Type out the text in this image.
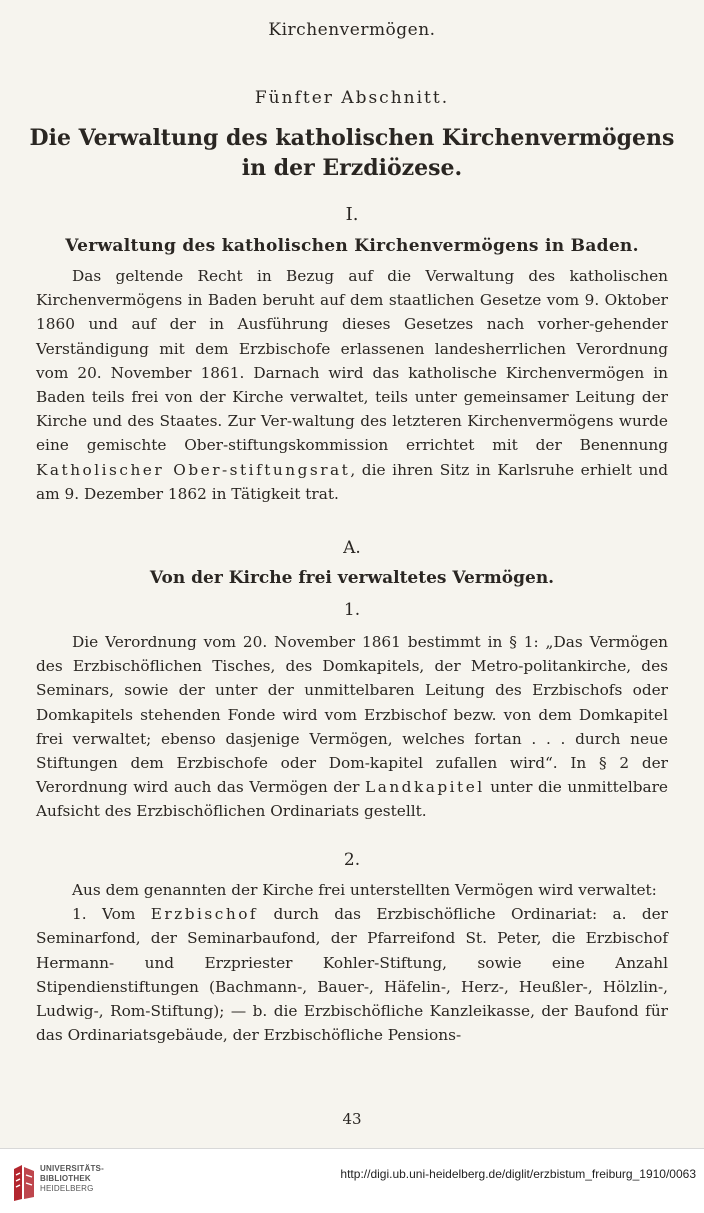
Kirchenvermögen.
Fünfter Abschnitt.
Die Verwaltung des katholischen Kirchenvermögens
in der Erzdiözese.
I.
Verwaltung des katholischen Kirchenvermögens in Baden.

Das geltende Recht in Bezug auf die Verwaltung des katholischen Kirchenvermögens in Baden beruht auf dem staatlichen Gesetze vom 9. Oktober 1860 und auf der in Ausführung dieses Gesetzes nach vorher-gehender Verständigung mit dem Erzbischofe erlassenen landesherrlichen Verordnung vom 20. November 1861. Darnach wird das katholische Kirchenvermögen in Baden teils frei von der Kirche verwaltet, teils unter gemeinsamer Leitung der Kirche und des Staates. Zur Ver-waltung des letzteren Kirchenvermögens wurde eine gemischte Ober-stiftungskommission errichtet mit der Benennung Katholischer Ober-stiftungsrat, die ihren Sitz in Karlsruhe erhielt und am 9. Dezember 1862 in Tätigkeit trat.

A.
Von der Kirche frei verwaltetes Vermögen.
1.

Die Verordnung vom 20. November 1861 bestimmt in § 1: „Das Vermögen des Erzbischöflichen Tisches, des Domkapitels, der Metro-politankirche, des Seminars, sowie der unter der unmittelbaren Leitung des Erzbischofs oder Domkapitels stehenden Fonde wird vom Erzbischof bezw. von dem Domkapitel frei verwaltet; ebenso dasjenige Vermögen, welches fortan . . . durch neue Stiftungen dem Erzbischofe oder Dom-kapitel zufallen wird“. In § 2 der Verordnung wird auch das Vermögen der Landkapitel unter die unmittelbare Aufsicht des Erzbischöflichen Ordinariats gestellt.

2.

Aus dem genannten der Kirche frei unterstellten Vermögen wird verwaltet:

1. Vom Erzbischof durch das Erzbischöfliche Ordinariat: a. der Seminarfond, der Seminarbaufond, der Pfarreifond St. Peter, die Erzbischof Hermann- und Erzpriester Kohler-Stiftung, sowie eine Anzahl Stipendienstiftungen (Bachmann-, Bauer-, Häfelin-, Herz-, Heußler-, Hölzlin-, Ludwig-, Rom-Stiftung); — b. die Erzbischöfliche Kanzleikasse, der Baufond für das Ordinariatsgebäude, der Erzbischöfliche Pensions-

43
UNIVERSITÄTS-
BIBLIOTHEK
HEIDELBERG
http://digi.ub.uni-heidelberg.de/diglit/erzbistum_freiburg_1910/0063
